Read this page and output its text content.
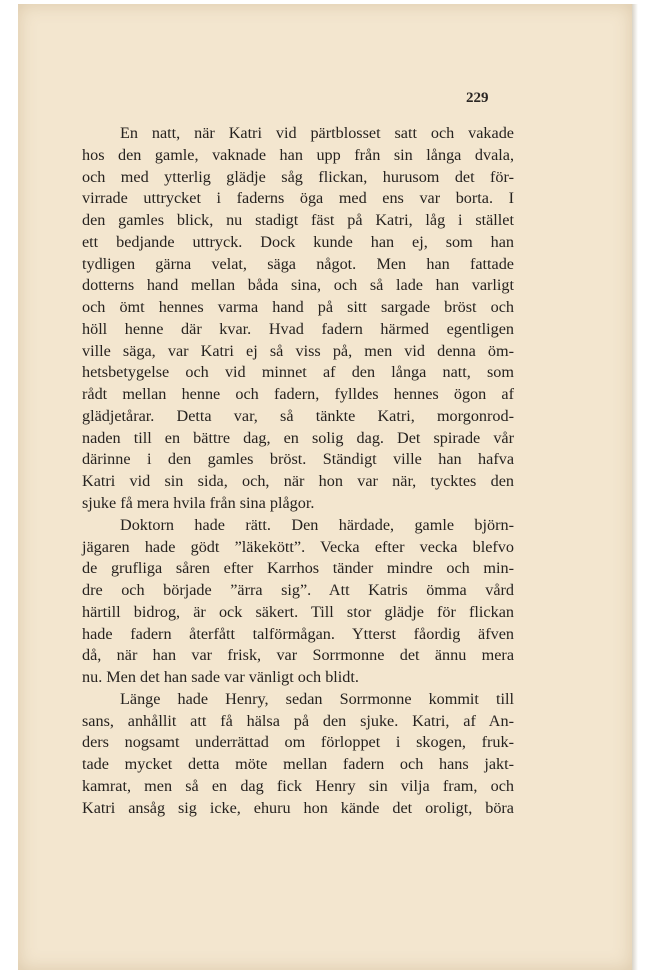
229
En natt, när Katri vid pärtblosset satt och vakade
hos den gamle, vaknade han upp från sin långa dvala,
och med ytterlig glädje såg flickan, hurusom det för-
virrade uttrycket i faderns öga med ens var borta. I
den gamles blick, nu stadigt fäst på Katri, låg i stället
ett bedjande uttryck. Dock kunde han ej, som han
tydligen gärna velat, säga något. Men han fattade
dotterns hand mellan båda sina, och så lade han varligt
och ömt hennes varma hand på sitt sargade bröst och
höll henne där kvar. Hvad fadern härmed egentligen
ville säga, var Katri ej så viss på, men vid denna öm-
hetsbetygelse och vid minnet af den långa natt, som
rådt mellan henne och fadern, fylldes hennes ögon af
glädjetårar. Detta var, så tänkte Katri, morgonrod-
naden till en bättre dag, en solig dag. Det spirade vår
därinne i den gamles bröst. Ständigt ville han hafva
Katri vid sin sida, och, när hon var när, tycktes den
sjuke få mera hvila från sina plågor.
Doktorn hade rätt. Den härdade, gamle björn-
jägaren hade gödt ”läkekött”. Vecka efter vecka blefvo
de grufliga såren efter Karrhos tänder mindre och min-
dre och började ”ärra sig”. Att Katris ömma vård
härtill bidrog, är ock säkert. Till stor glädje för flickan
hade fadern återfått talförmågan. Ytterst fåordig äfven
då, när han var frisk, var Sorrmonne det ännu mera
nu. Men det han sade var vänligt och blidt.
Länge hade Henry, sedan Sorrmonne kommit till
sans, anhållit att få hälsa på den sjuke. Katri, af An-
ders nogsamt underrättad om förloppet i skogen, fruk-
tade mycket detta möte mellan fadern och hans jakt-
kamrat, men så en dag fick Henry sin vilja fram, och
Katri ansåg sig icke, ehuru hon kände det oroligt, böra
